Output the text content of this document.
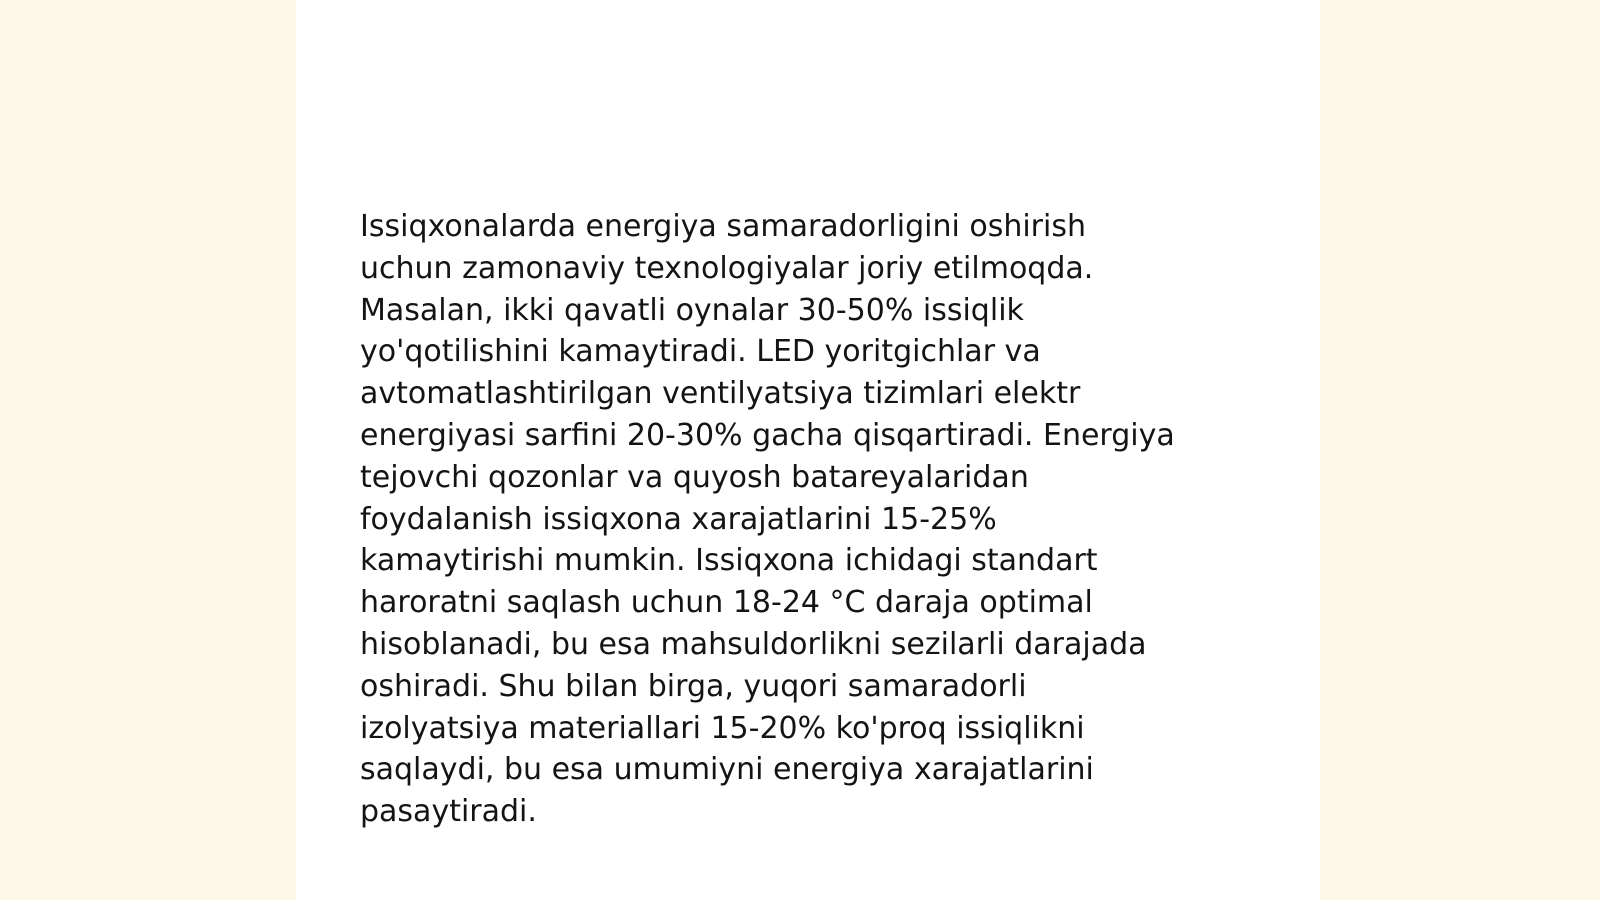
Issiqxonalarda energiya samaradorligini oshirish
uchun zamonaviy texnologiyalar joriy etilmoqda.
Masalan, ikki qavatli oynalar 30-50% issiqlik
yo'qotilishini kamaytiradi. LED yoritgichlar va
avtomatlashtirilgan ventilyatsiya tizimlari elektr
energiyasi sarfini 20-30% gacha qisqartiradi. Energiya
tejovchi qozonlar va quyosh batareyalaridan
foydalanish issiqxona xarajatlarini 15-25%
kamaytirishi mumkin. Issiqxona ichidagi standart
haroratni saqlash uchun 18-24 °C daraja optimal
hisoblanadi, bu esa mahsuldorlikni sezilarli darajada
oshiradi. Shu bilan birga, yuqori samaradorli
izolyatsiya materiallari 15-20% ko'proq issiqlikni
saqlaydi, bu esa umumiyni energiya xarajatlarini
pasaytiradi.
